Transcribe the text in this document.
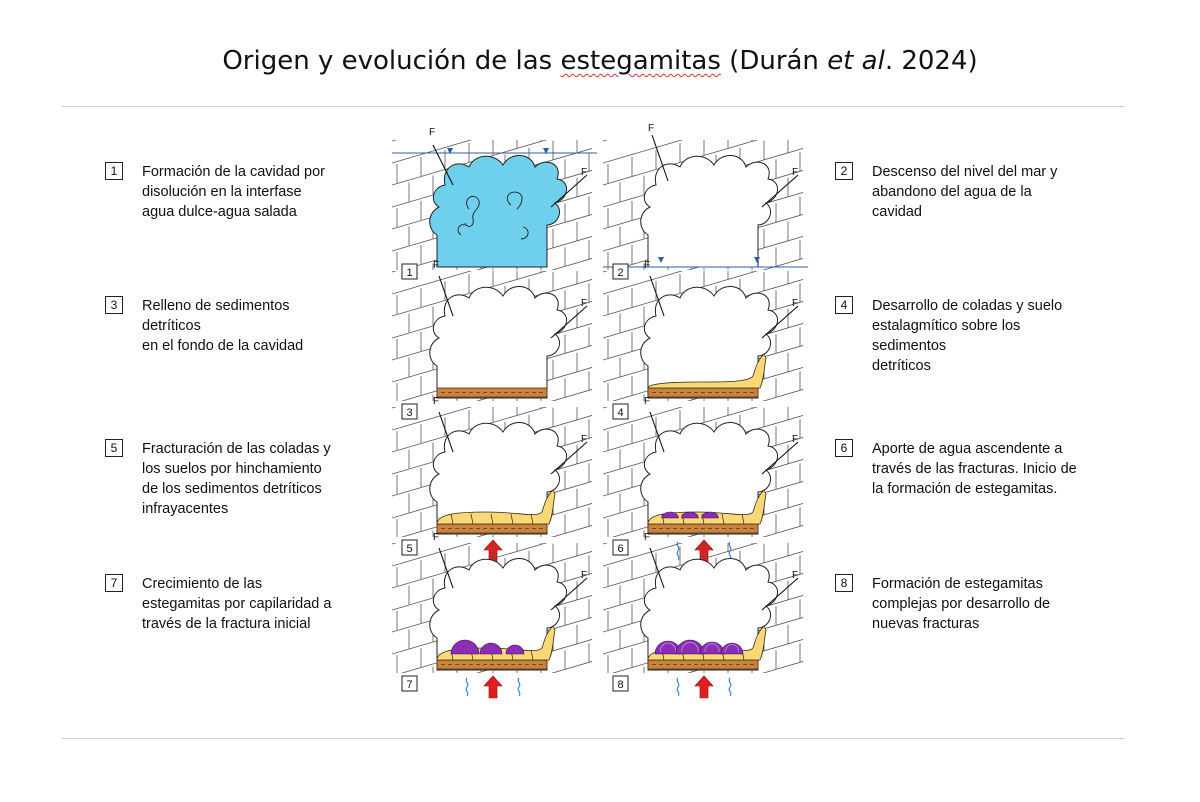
Origen y evolución de las estegamitas (Durán et al. 2024)
1	Formación de la cavidad por
disolución en la interfase
agua dulce-agua salada
3	Relleno de sedimentos
detríticos
en el fondo de la cavidad
5	Fracturación de las coladas y
los suelos por hinchamiento
de los sedimentos detríticos
infrayacentes
7	Crecimiento de las
estegamitas por capilaridad a
través de la fractura inicial
2	Descenso del nivel del mar y
abandono del agua de la
cavidad
4	Desarrollo de coladas y suelo
estalagmítico sobre los
sedimentos
detríticos
6	Aporte de agua ascendente a
través de las fracturas. Inicio de
la formación de estegamitas.
8	Formación de estegamitas
complejas por desarrollo de
nuevas fracturas
F
F
1
F
F
2
F
F
3
F
F
4
F
F
5
F
F
6
F
F
7
F
F
8
